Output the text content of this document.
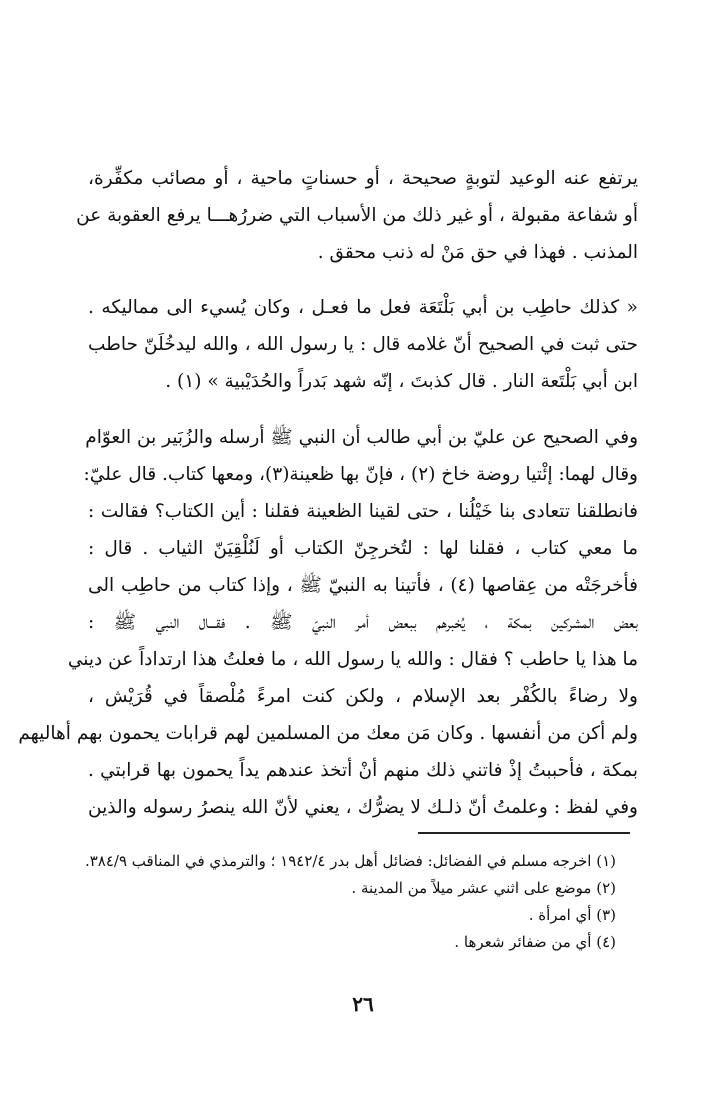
يرتفع عنه الوعيد لتوبةٍ صحيحة ، أو حسناتٍ ماحية ، أو مصائب مكفِّرة،
أو شفاعة مقبولة ، أو غير ذلك من الأسباب التي ضررُهـــا يرفع العقوبة عن
المذنب . فهذا في حق مَنْ له ذنب محقق .
« كذلك حاطِب بن أبي بَلْتَعَة فعل ما فعـل ، وكان يُسيء الى مماليكه .
حتى ثبت في الصحيح أنّ غلامه قال : يا رسول الله ، والله ليدخُلَنّ حاطب
ابن أبي بَلْتَعة النار . قال كذبتَ ، إنّه شهد بَدراً والحُدَيْبية » (١) .
وفي الصحيح عن عليّ بن أبي طالب أن النبي ﷺ أرسله والزُبَير بن العوّام
وقال لهما: إئْتيا روضة خاخ (٢) ، فإنّ بها ظعينة(٣)، ومعها كتاب. قال عليّ:
فانطلقنا تتعادى بنا خَيْلُنا ، حتى لقينا الظعينة فقلنا : أين الكتاب؟ فقالت :
ما معي كتاب ، فقلنا لها : لتُخرجِنّ الكتاب أو لَنُلْقِيَنّ الثياب . قال :
فأخرجَتْه من عِقاصها (٤) ، فأتينا به النبيّ ﷺ ، وإذا كتاب من حاطِب الى
بعض المشركين بمكة ، يُخبرهم ببعض أمر النبيّ ﷺ . فقـــال النبي ﷺ :
ما هذا يا حاطب ؟ فقال : والله يا رسول الله ، ما فعلتُ هذا ارتداداً عن ديني
ولا رضاءً بالكُفْر بعد الإسلام ، ولكن كنت امرءً مُلْصقاً في قُرَيْش ،
ولم أكن من أنفسها . وكان مَن معك من المسلمين لهم قرابات يحمون بهم أهاليهم
بمكة ، فأحببتُ إذْ فاتني ذلك منهم أنْ أتخذ عندهم يداً يحمون بها قرابتي .
وفي لفظ : وعلمتُ أنّ ذلـك لا يضرُّك ، يعني لأنّ الله ينصرُ رسوله والذين
(١) اخرجه مسلم في الفضائل: فضائل أهل بدر ١٩٤٢/٤ ؛ والترمذي في المناقب ٣٨٤/٩.
(٢) موضع على اثني عشر ميلاً من المدينة .
(٣) أي امرأة .
(٤) أي من ضفائر شعرها .
٢٦
